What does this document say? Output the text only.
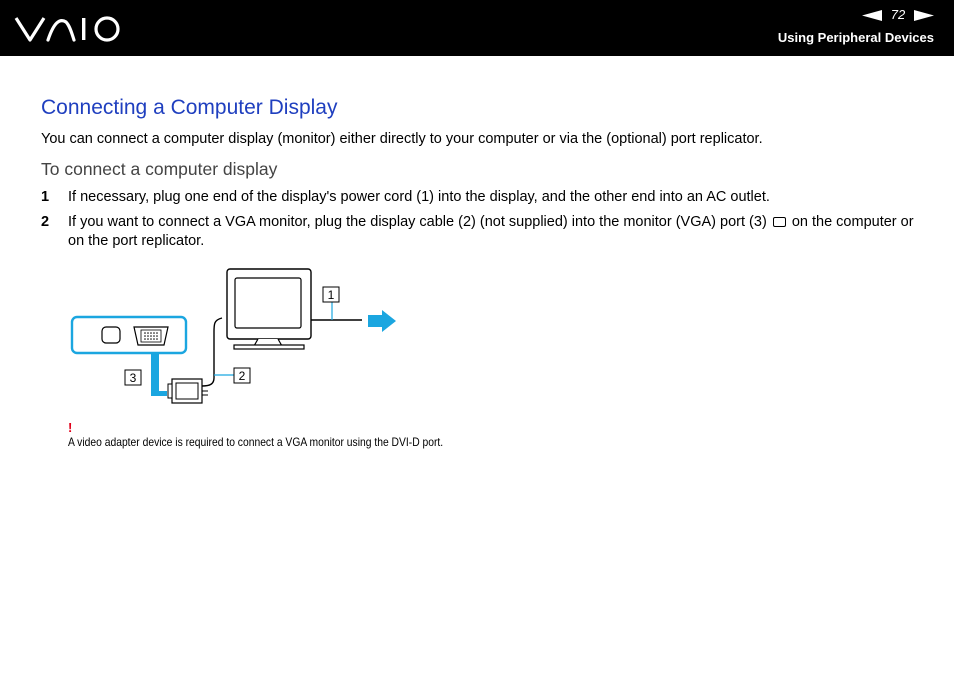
72
Using Peripheral Devices
Connecting a Computer Display
You can connect a computer display (monitor) either directly to your computer or via the (optional) port replicator.
To connect a computer display
1 If necessary, plug one end of the display's power cord (1) into the display, and the other end into an AC outlet.
2 If you want to connect a VGA monitor, plug the display cable (2) (not supplied) into the monitor (VGA) port (3) on the computer or on the port replicator.
1
2
3
!
A video adapter device is required to connect a VGA monitor using the DVI-D port.
